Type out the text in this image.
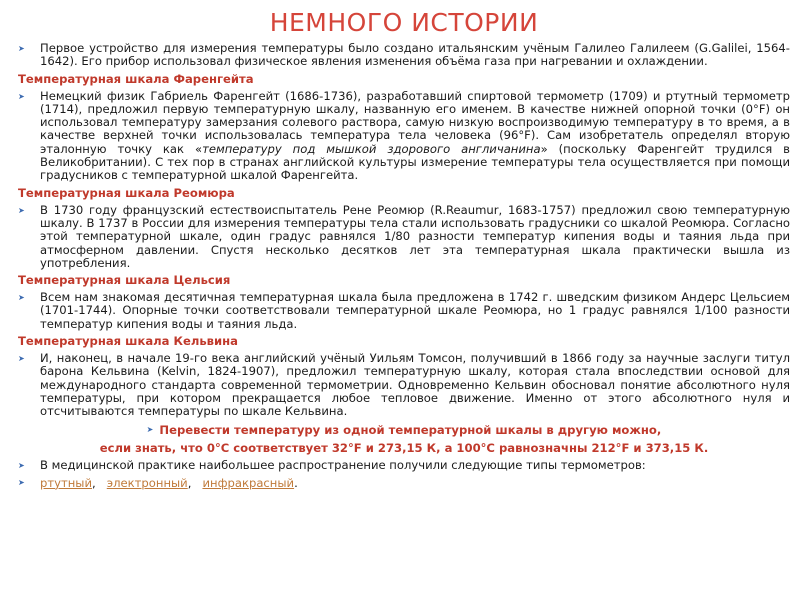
НЕМНОГО ИСТОРИИ
➤	Первое устройство для измерения температуры было создано итальянским учёным Галилео Галилеем (G.Galilei, 1564-1642). Его прибор использовал физическое явления изменения объёма газа при нагревании и охлаждении.
Температурная шкала Фаренгейта
➤	Немецкий физик Габриель Фаренгейт (1686-1736), разработавший спиртовой термометр (1709) и ртутный термометр (1714), предложил первую температурную шкалу, названную его именем. В качестве нижней опорной точки (0°F) он использовал температуру замерзания солевого раствора, самую низкую воспроизводимую температуру в то время, а в качестве верхней точки использовалась температура тела человека (96°F). Сам изобретатель определял вторую эталонную точку как «температуру под мышкой здорового англичанина» (поскольку Фаренгейт трудился в Великобритании). С тех пор в странах английской культуры измерение температуры тела осуществляется при помощи градусников с температурной шкалой Фаренгейта.
Температурная шкала Реомюра
➤	В 1730 году французский естествоиспытатель Рене Реомюр (R.Reaumur, 1683-1757) предложил свою температурную шкалу. В 1737 в России для измерения температуры тела стали использовать градусники со шкалой Реомюра. Согласно этой температурной шкале, один градус равнялся 1/80 разности температур кипения воды и таяния льда при атмосферном давлении. Спустя несколько десятков лет эта температурная шкала практически вышла из употребления.
Температурная шкала Цельсия
➤	Всем нам знакомая десятичная температурная шкала была предложена в 1742 г. шведским физиком Андерс Цельсием (1701-1744). Опорные точки соответствовали температурной шкале Реомюра, но 1 градус равнялся 1/100 разности температур кипения воды и таяния льда.
Температурная шкала Кельвина
➤	И, наконец, в начале 19-го века английский учёный Уильям Томсон, получивший в 1866 году за научные заслуги титул барона Кельвина (Kelvin, 1824-1907), предложил температурную шкалу, которая стала впоследствии основой для международного стандарта современной термометрии. Одновременно Кельвин обосновал понятие абсолютного нуля температуры, при котором прекращается любое тепловое движение. Именно от этого абсолютного нуля и отсчитываются температуры по шкале Кельвина.
➤ Перевести температуру из одной температурной шкалы в другую можно,
если знать, что 0°С соответствует 32°F и 273,15 К, а 100°С равнозначны 212°F и 373,15 К.
➤	В медицинской практике наибольшее распространение получили следующие типы термометров:
➤	ртутный,   электронный,   инфракрасный.
